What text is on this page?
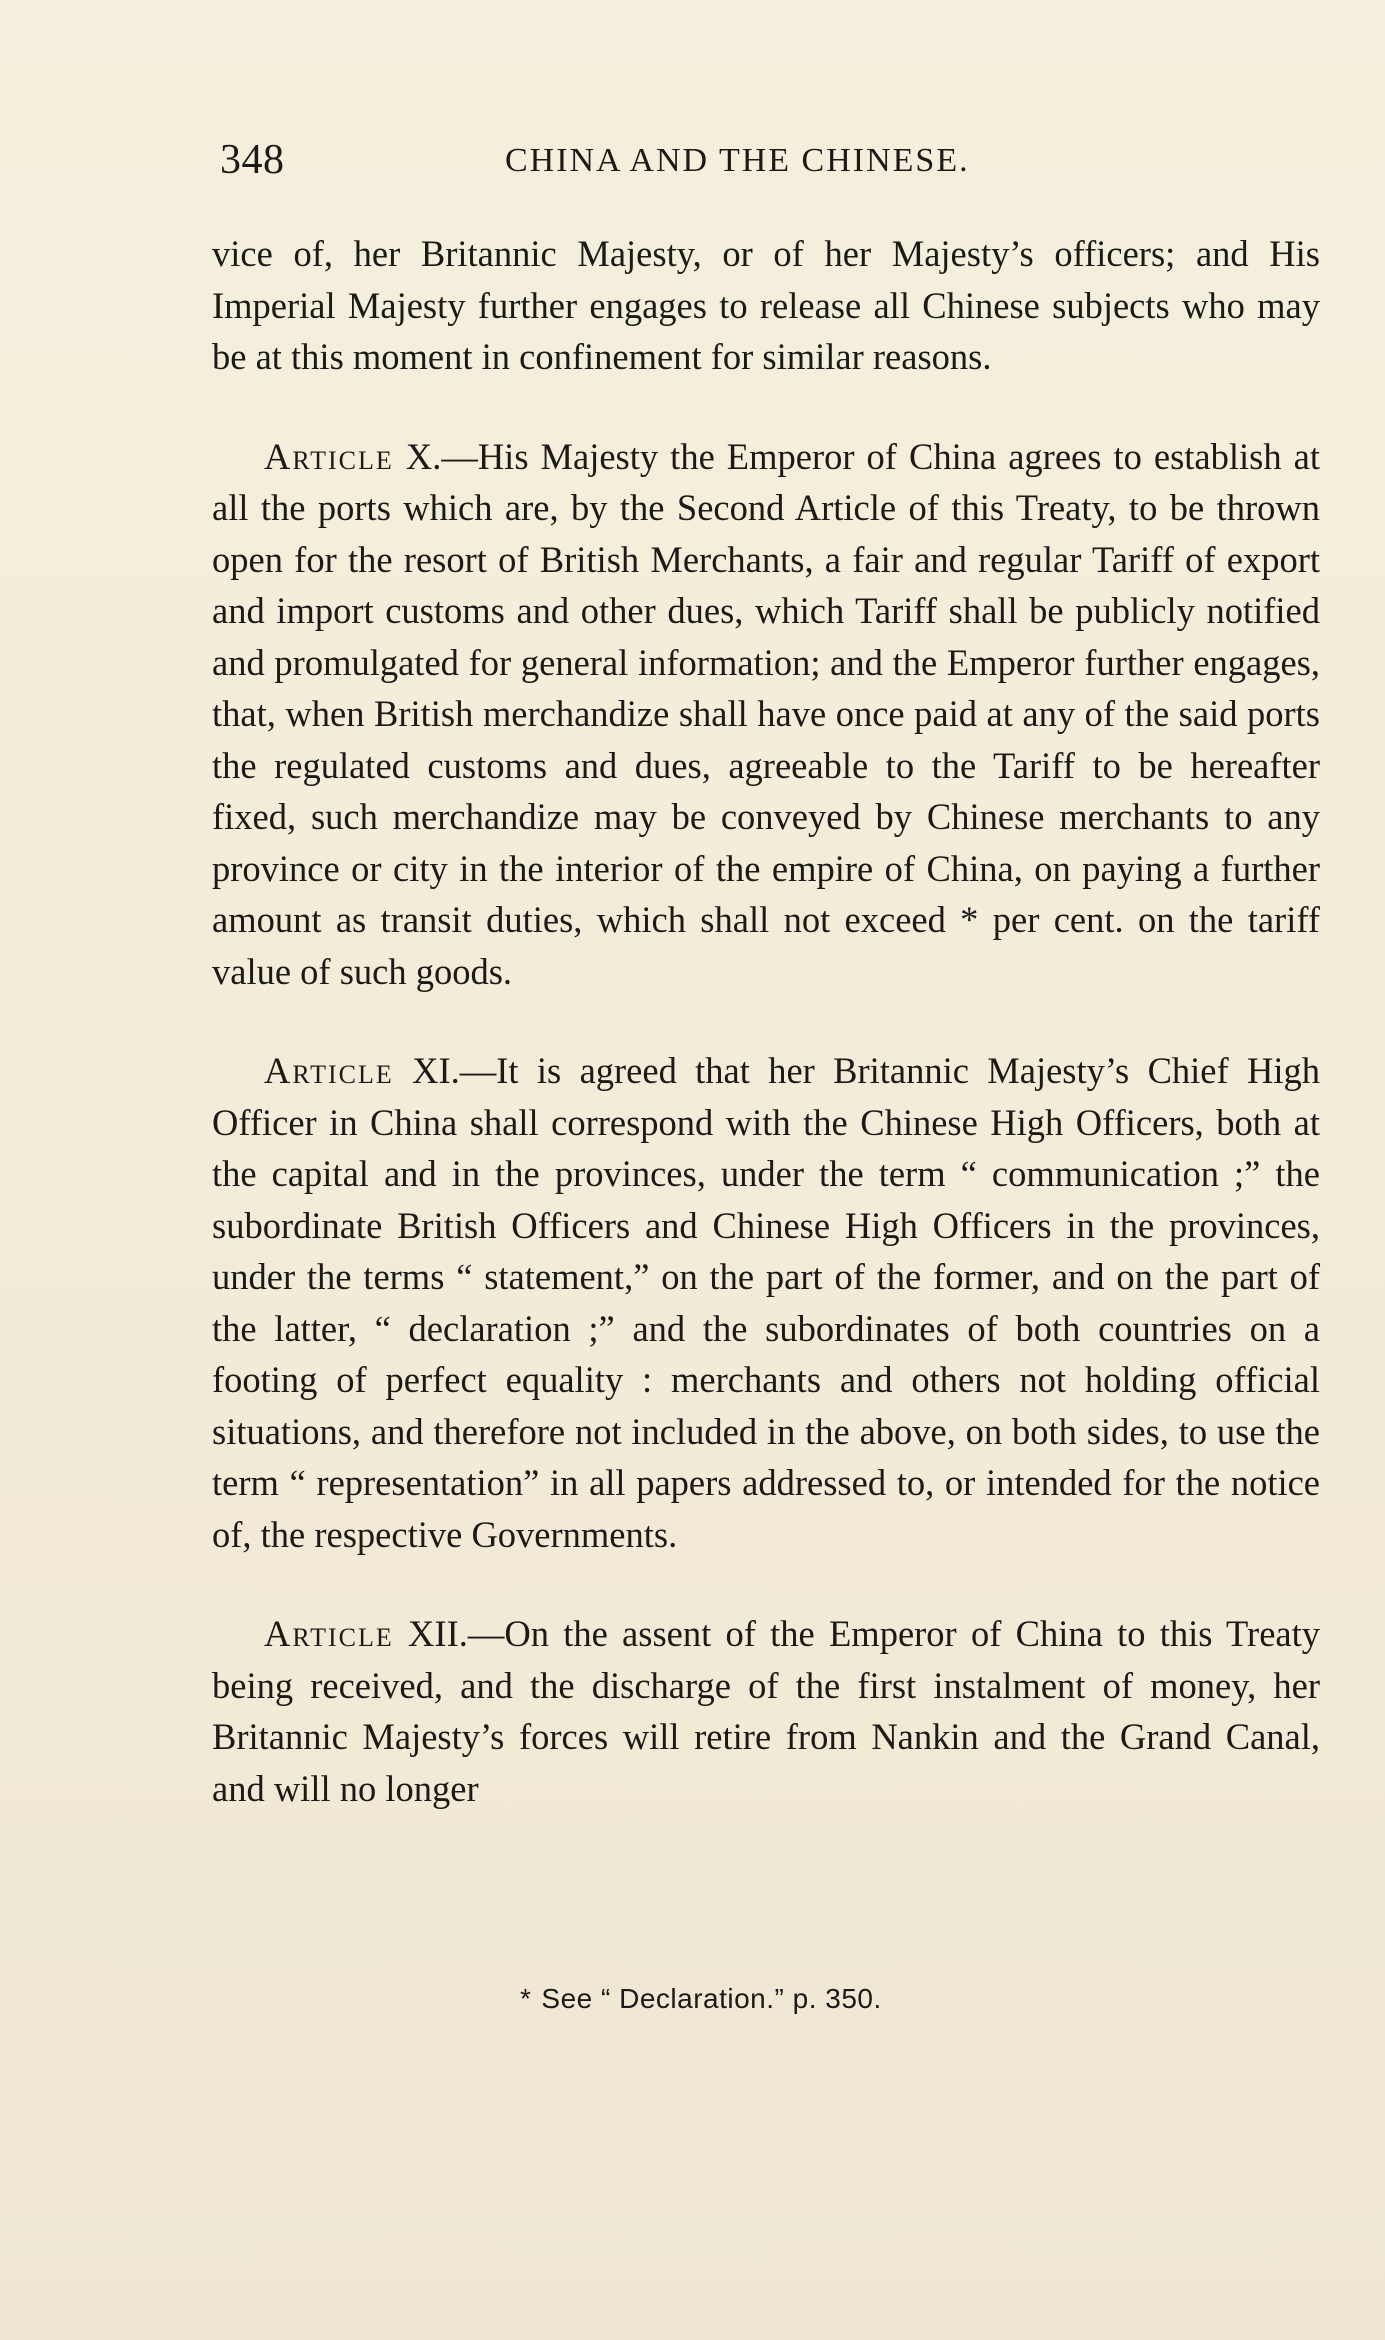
348	CHINA AND THE CHINESE.

vice of, her Britannic Majesty, or of her Majesty’s officers; and His Imperial Majesty further engages to release all Chinese subjects who may be at this moment in confinement for similar reasons.

Article X.—His Majesty the Emperor of China agrees to establish at all the ports which are, by the Second Article of this Treaty, to be thrown open for the resort of British Merchants, a fair and regular Tariff of export and import customs and other dues, which Tariff shall be publicly notified and promulgated for general information; and the Emperor further engages, that, when British merchandize shall have once paid at any of the said ports the regulated customs and dues, agreeable to the Tariff to be hereafter fixed, such merchandize may be conveyed by Chinese merchants to any province or city in the interior of the empire of China, on paying a further amount as transit duties, which shall not exceed * per cent. on the tariff value of such goods.

Article XI.—It is agreed that her Britannic Majesty’s Chief High Officer in China shall correspond with the Chinese High Officers, both at the capital and in the provinces, under the term “ communication ;” the subordinate British Officers and Chinese High Officers in the provinces, under the terms “ statement,” on the part of the former, and on the part of the latter, “ declaration ;” and the subordinates of both countries on a footing of perfect equality : merchants and others not holding official situations, and therefore not included in the above, on both sides, to use the term “ representation” in all papers addressed to, or intended for the notice of, the respective Governments.

Article XII.—On the assent of the Emperor of China to this Treaty being received, and the discharge of the first instalment of money, her Britannic Majesty’s forces will retire from Nankin and the Grand Canal, and will no longer

* See “ Declaration.” p. 350.
